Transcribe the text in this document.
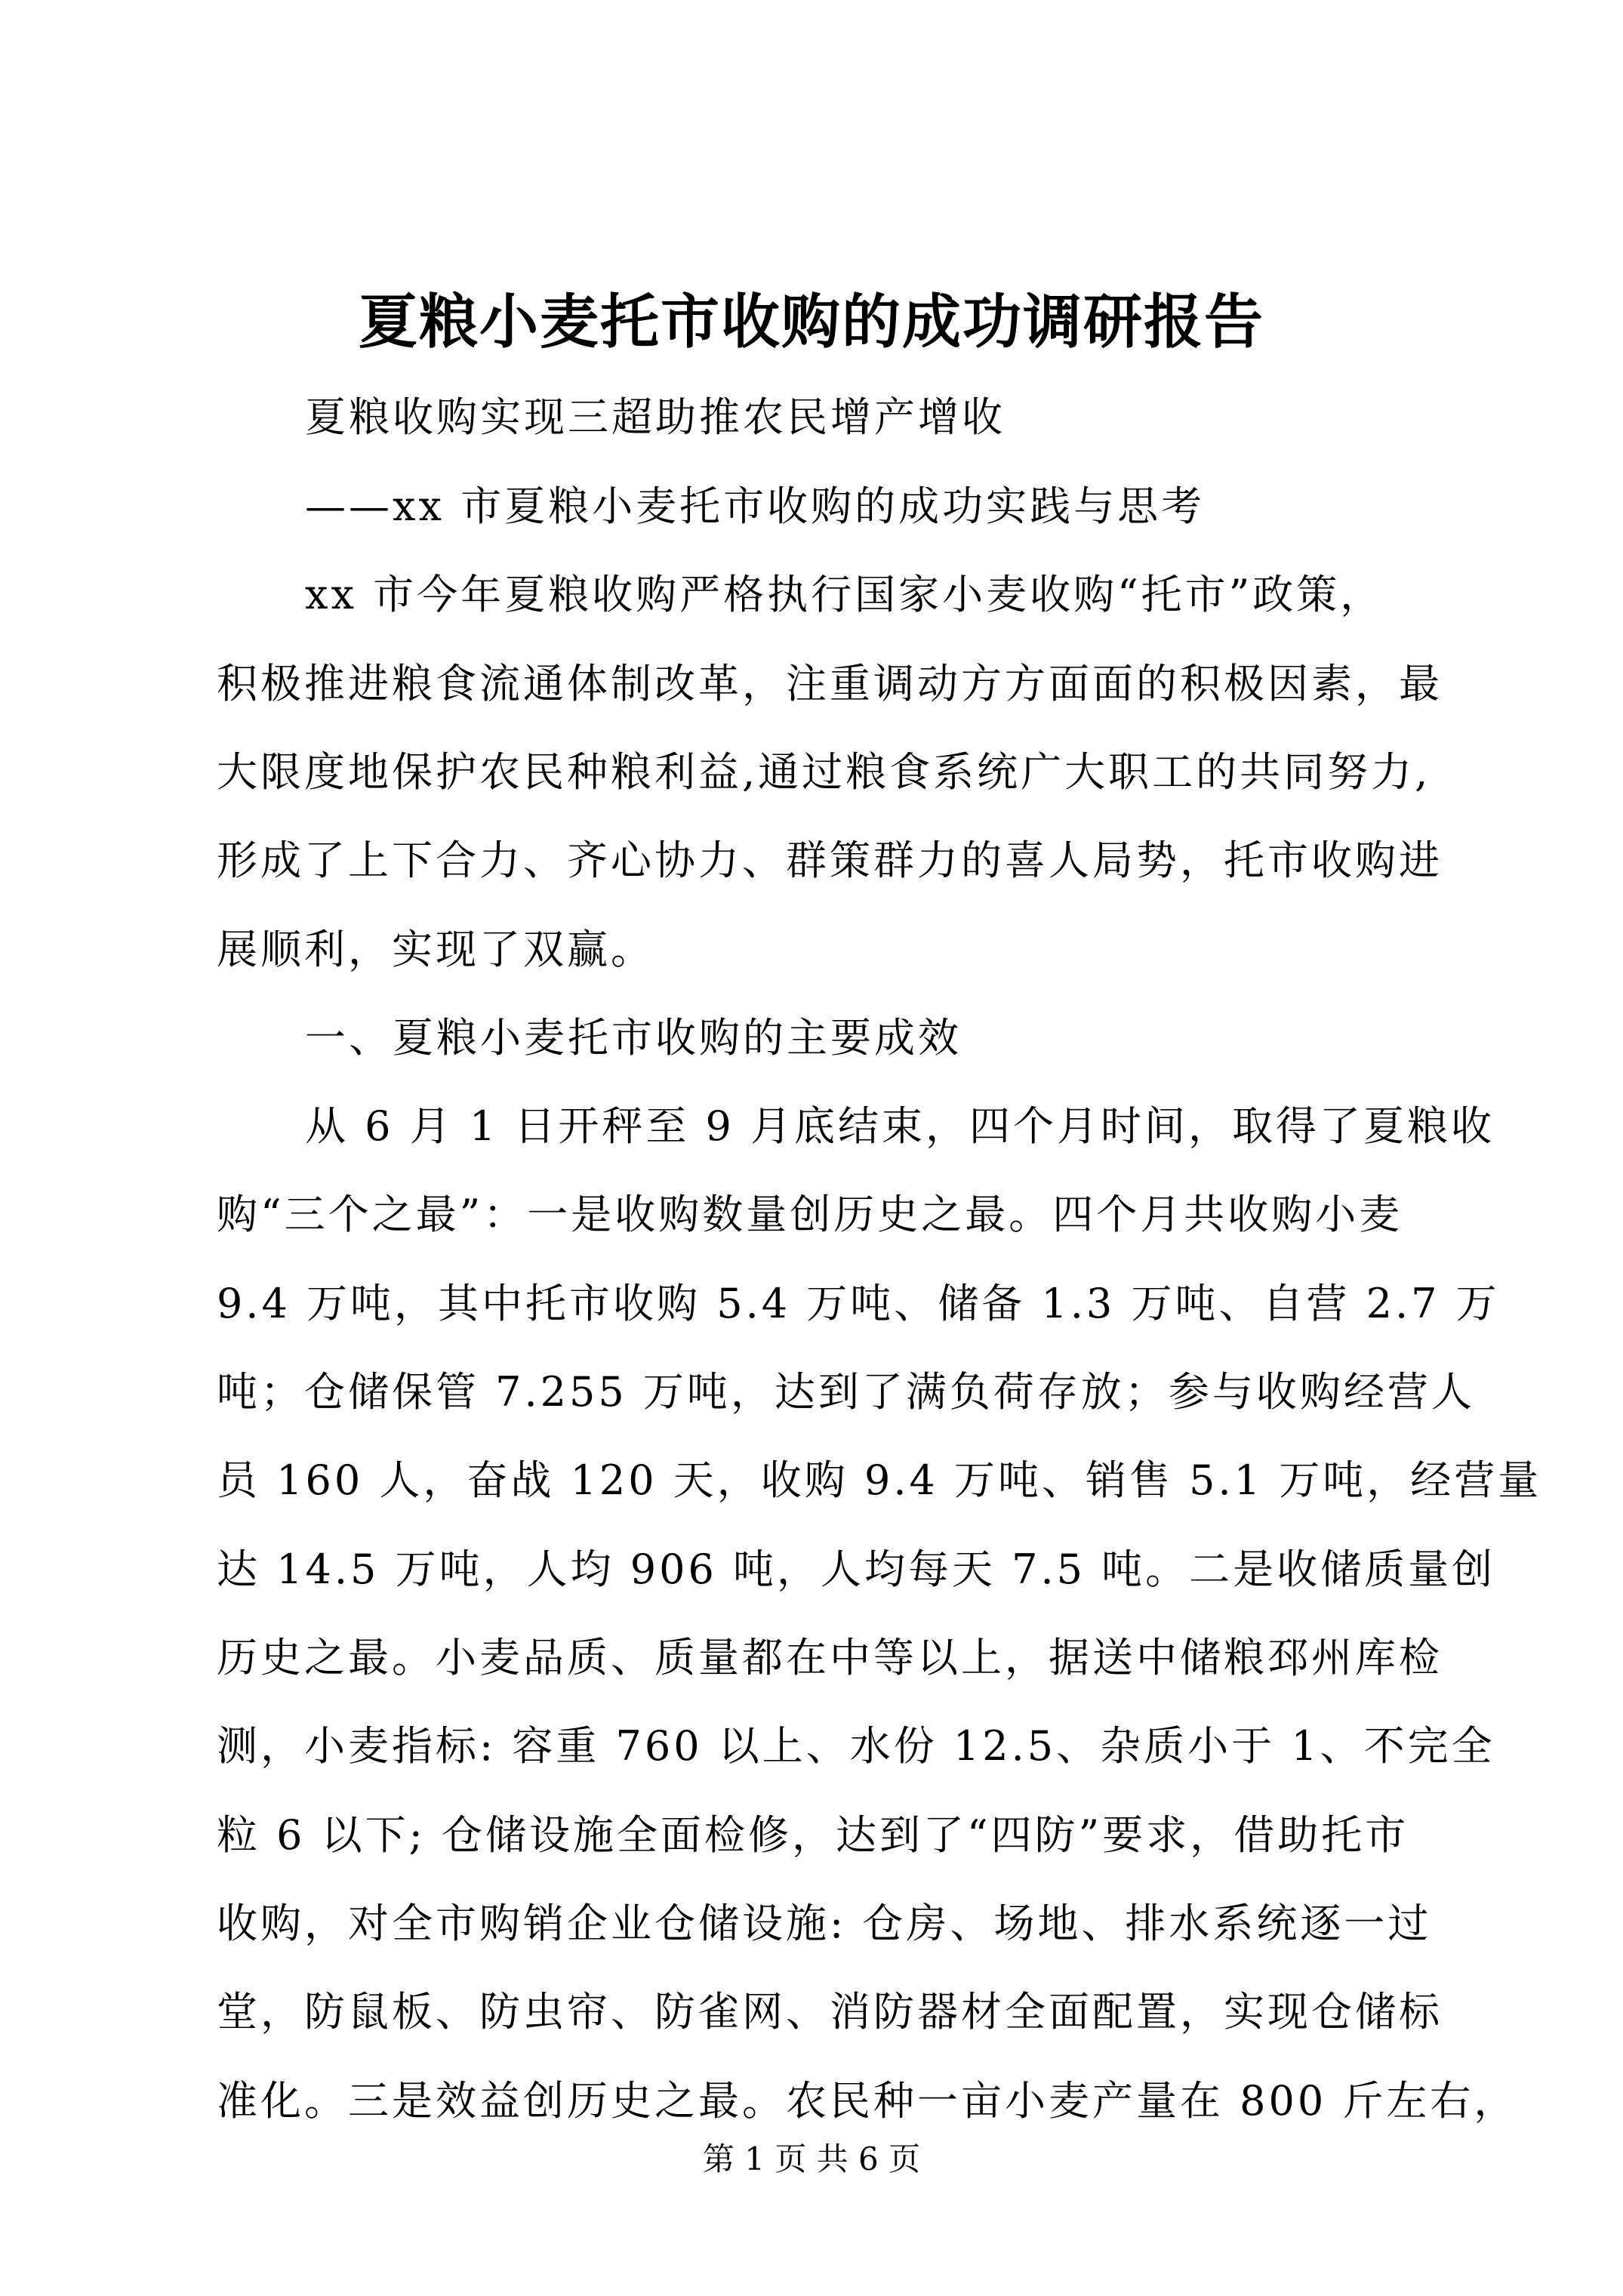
夏粮小麦托市收购的成功调研报告
夏粮收购实现三超助推农民增产增收
——xx 市夏粮小麦托市收购的成功实践与思考
xx 市今年夏粮收购严格执行国家小麦收购“托市”政策，
积极推进粮食流通体制改革，注重调动方方面面的积极因素，最
大限度地保护农民种粮利益,通过粮食系统广大职工的共同努力,
形成了上下合力、齐心协力、群策群力的喜人局势，托市收购进
展顺利，实现了双赢。
一、夏粮小麦托市收购的主要成效
从 6 月 1 日开秤至 9 月底结束，四个月时间，取得了夏粮收
购“三个之最”：一是收购数量创历史之最。四个月共收购小麦
9.4 万吨，其中托市收购 5.4 万吨、储备 1.3 万吨、自营 2.7 万
吨；仓储保管 7.255 万吨，达到了满负荷存放；参与收购经营人
员 160 人，奋战 120 天，收购 9.4 万吨、销售 5.1 万吨，经营量
达 14.5 万吨，人均 906 吨，人均每天 7.5 吨。二是收储质量创
历史之最。小麦品质、质量都在中等以上，据送中储粮邳州库检
测，小麦指标: 容重 760 以上、水份 12.5、杂质小于 1、不完全
粒 6 以下; 仓储设施全面检修，达到了“四防”要求，借助托市
收购，对全市购销企业仓储设施: 仓房、场地、排水系统逐一过
堂，防鼠板、防虫帘、防雀网、消防器材全面配置，实现仓储标
准化。三是效益创历史之最。农民种一亩小麦产量在 800 斤左右，
第 1 页 共 6 页
